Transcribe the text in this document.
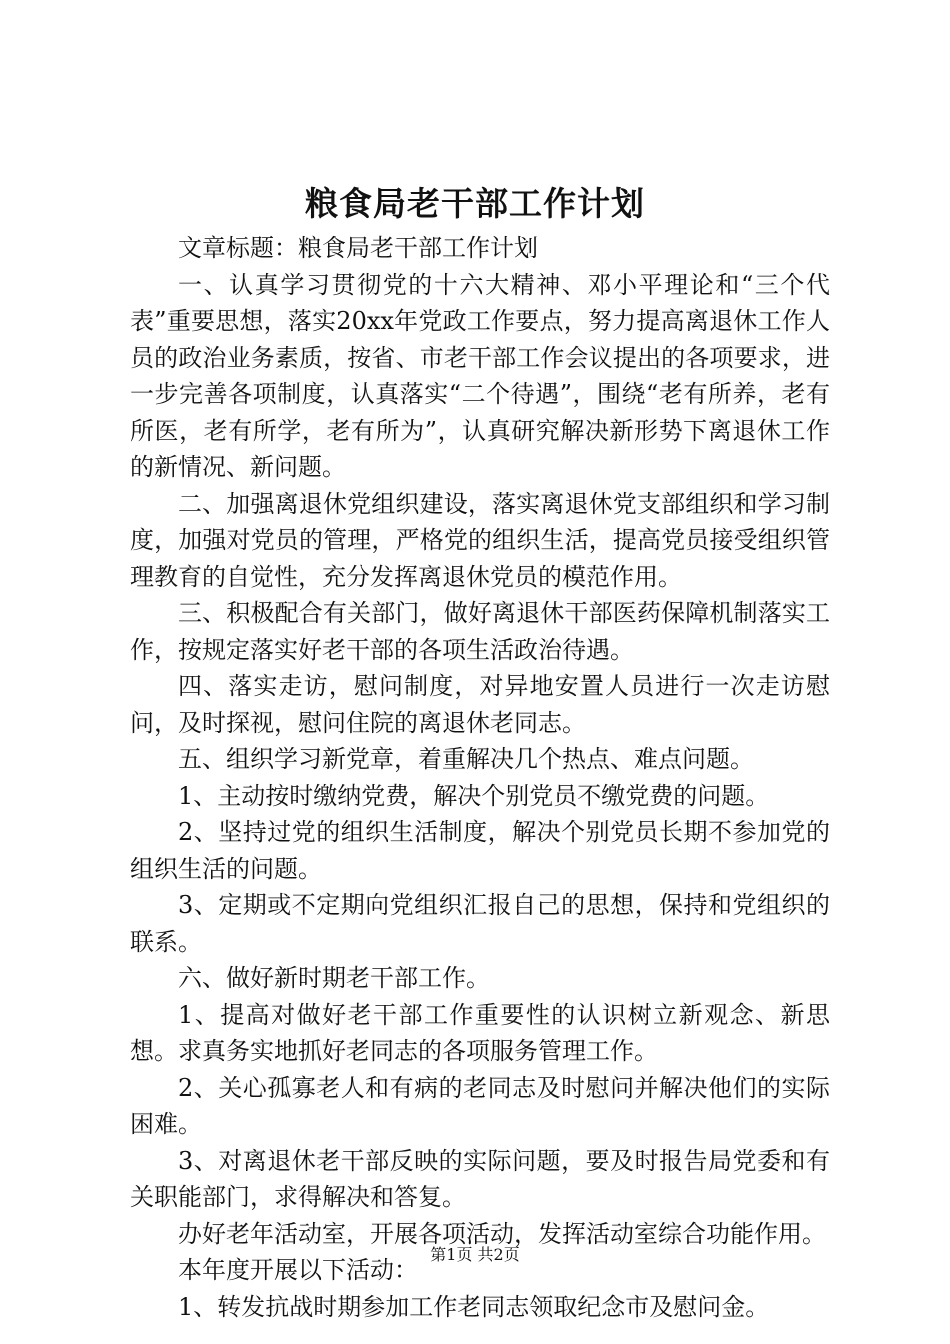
粮食局老干部工作计划

文章标题：粮食局老干部工作计划

一、认真学习贯彻党的十六大精神、邓小平理论和“三个代表”重要思想，落实20xx年党政工作要点，努力提高离退休工作人员的政治业务素质，按省、市老干部工作会议提出的各项要求，进一步完善各项制度，认真落实“二个待遇”，围绕“老有所养，老有所医，老有所学，老有所为”，认真研究解决新形势下离退休工作的新情况、新问题。

二、加强离退休党组织建设，落实离退休党支部组织和学习制度，加强对党员的管理，严格党的组织生活，提高党员接受组织管理教育的自觉性，充分发挥离退休党员的模范作用。

三、积极配合有关部门，做好离退休干部医药保障机制落实工作，按规定落实好老干部的各项生活政治待遇。

四、落实走访，慰问制度，对异地安置人员进行一次走访慰问，及时探视，慰问住院的离退休老同志。

五、组织学习新党章，着重解决几个热点、难点问题。

1、主动按时缴纳党费，解决个别党员不缴党费的问题。

2、坚持过党的组织生活制度，解决个别党员长期不参加党的组织生活的问题。

3、定期或不定期向党组织汇报自己的思想，保持和党组织的联系。

六、做好新时期老干部工作。

1、提高对做好老干部工作重要性的认识树立新观念、新思想。求真务实地抓好老同志的各项服务管理工作。

2、关心孤寡老人和有病的老同志及时慰问并解决他们的实际困难。

3、对离退休老干部反映的实际问题，要及时报告局党委和有关职能部门，求得解决和答复。

办好老年活动室，开展各项活动，发挥活动室综合功能作用。

本年度开展以下活动：

1、转发抗战时期参加工作老同志领取纪念市及慰问金。

第1页 共2页
